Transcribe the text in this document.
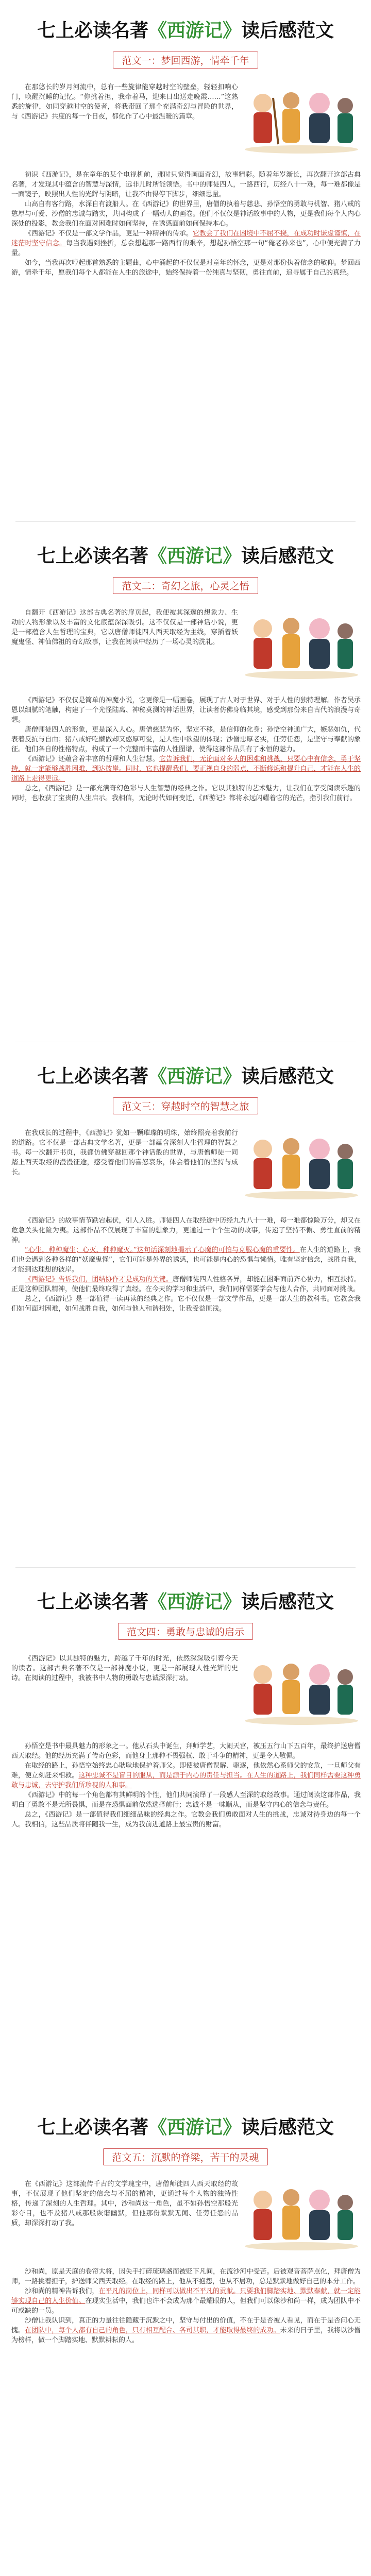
七上必读名著《西游记》读后感范文
范文一：梦回西游，情牵千年

在那悠长的岁月河流中，总有一些旋律能穿越时空的壁垒，轻轻扣响心门，唤醒沉睡的记忆。“你挑着担，我牵着马，迎来日出送走晚霞……”这熟悉的旋律，如同穿越时空的使者，将我带回了那个充满奇幻与冒险的世界，与《西游记》共度的每一个日夜，都化作了心中最温暖的篇章。

初识《西游记》，是在童年的某个电视机前，那时只觉得画面奇幻，故事精彩。随着年岁渐长，再次翻开这部古典名著，才发现其中蕴含的智慧与深情，远非儿时所能领悟。书中的师徒四人，一路西行，历经八十一难，每一难都像是一面镜子，映照出人性的光辉与阴暗，让我不由得停下脚步，细细思量。

山高自有客行路，水深自有渡船人。在《西游记》的世界里，唐僧的执着与慈悲、孙悟空的勇敢与机智、猪八戒的憨厚与可爱、沙僧的忠诚与踏实，共同构成了一幅动人的画卷。他们不仅仅是神话故事中的人物，更是我们每个人内心深处的投影，教会我们在面对困难时如何坚持，在诱惑面前如何保持本心。

《西游记》不仅是一部文学作品，更是一种精神的传承。它教会了我们在困境中不屈不挠，在成功时谦虚谨慎，在迷茫时坚守信念。每当我遇到挫折，总会想起那一路西行的艰辛，想起孙悟空那一句“俺老孙来也”，心中便充满了力量。

如今，当我再次哼起那首熟悉的主题曲，心中涌起的不仅仅是对童年的怀念，更是对那份执着信念的敬仰。梦回西游，情牵千年，愿我们每个人都能在人生的旅途中，始终保持着一份纯真与坚韧，勇往直前，追寻属于自己的真经。

七上必读名著《西游记》读后感范文
范文二：奇幻之旅，心灵之悟

自翻开《西游记》这部古典名著的扉页起，我便被其深邃的想象力、生动的人物形象以及丰富的文化底蕴深深吸引。这不仅仅是一部神话小说，更是一部蕴含人生哲理的宝典，它以唐僧师徒四人西天取经为主线，穿插着妖魔鬼怪、神仙佛祖的奇幻故事，让我在阅读中经历了一场心灵的洗礼。

《西游记》不仅仅是简单的神魔小说，它更像是一幅画卷，展现了古人对于世界、对于人性的独特理解。作者吴承恩以细腻的笔触，构建了一个光怪陆离、神秘莫测的神话世界，让读者仿佛身临其境，感受到那份来自古代的浪漫与奇想。

唐僧师徒四人的形象，更是深入人心。唐僧慈悲为怀，坚定不移，是信仰的化身；孙悟空神通广大，嫉恶如仇，代表着反抗与自由；猪八戒好吃懒做却又憨厚可爱，是人性中欲望的体现；沙僧忠厚老实，任劳任怨，是坚守与奉献的象征。他们各自的性格特点，构成了一个完整而丰富的人性图谱，使得这部作品具有了永恒的魅力。

《西游记》还蕴含着丰富的哲理和人生智慧。它告诉我们，无论面对多大的困难和挑战，只要心中有信念，勇于坚持，就一定能够战胜困难，到达彼岸。同时，它也提醒我们，要正视自身的弱点，不断修炼和提升自己，才能在人生的道路上走得更远。

总之，《西游记》是一部充满奇幻色彩与人生智慧的经典之作。它以其独特的艺术魅力，让我们在享受阅读乐趣的同时，也收获了宝贵的人生启示。我相信，无论时代如何变迁，《西游记》都将永远闪耀着它的光芒，指引我们前行。

七上必读名著《西游记》读后感范文
范文三：穿越时空的智慧之旅

在我成长的过程中，《西游记》犹如一颗璀璨的明珠，始终照亮着我前行的道路。它不仅是一部古典文学名著，更是一部蕴含深刻人生哲理的智慧之书。每一次翻开书页，我都仿佛穿越回那个神话般的世界，与唐僧师徒一同踏上西天取经的漫漫征途，感受着他们的喜怒哀乐，体会着他们的坚持与成长。

《西游记》的故事情节跌宕起伏，引人入胜。师徒四人在取经途中历经九九八十一难，每一难都惊险万分，却又在危急关头化险为夷。这部作品不仅展现了丰富的想象力，更通过一个个生动的故事，传递了坚持不懈、勇往直前的精神。

“心生，种种魔生；心灭，种种魔灭。”这句话深刻地揭示了心魔的可怕与克服心魔的重要性。在人生的道路上，我们也会遇到各种各样的“妖魔鬼怪”，它们可能是外界的诱惑，也可能是内心的恐惧与懒惰。唯有坚定信念，战胜自我，才能到达理想的彼岸。

《西游记》告诉我们，团结协作才是成功的关键。唐僧师徒四人性格各异，却能在困难面前齐心协力，相互扶持。正是这种团队精神，使他们最终取得了真经。在今天的学习和生活中，我们同样需要学会与他人合作，共同面对挑战。

总之，《西游记》是一部值得一读再读的经典之作。它不仅仅是一部文学作品，更是一部人生的教科书。它教会我们如何面对困难，如何战胜自我，如何与他人和谐相处，让我受益匪浅。

七上必读名著《西游记》读后感范文
范文四：勇敢与忠诚的启示

《西游记》以其独特的魅力，跨越了千年的时光，依然深深吸引着今天的读者。这部古典名著不仅是一部神魔小说，更是一部展现人性光辉的史诗。在阅读的过程中，我被书中人物的勇敢与忠诚深深打动。

孙悟空是书中最具魅力的形象之一。他从石头中诞生，拜师学艺，大闹天宫，被压五行山下五百年，最终护送唐僧西天取经。他的经历充满了传奇色彩，而他身上那种不畏强权、敢于斗争的精神，更是令人敬佩。

在取经的路上，孙悟空始终忠心耿耿地保护着师父。即使被唐僧误解、驱逐，他依然心系师父的安危，一旦师父有难，便立刻赶来相救。这种忠诚不是盲目的服从，而是源于内心的责任与担当。在人生的道路上，我们同样需要这种勇敢与忠诚，去守护我们所珍视的人和事。

《西游记》中的每一个角色都有其鲜明的个性，他们共同演绎了一段感人至深的取经故事。通过阅读这部作品，我明白了勇敢不是无所畏惧，而是在恐惧面前依然选择前行；忠诚不是一味顺从，而是坚守内心的信念与责任。

总之，《西游记》是一部值得我们细细品味的经典之作。它教会我们勇敢面对人生的挑战，忠诚对待身边的每一个人。我相信，这些品质将伴随我一生，成为我前进道路上最宝贵的财富。

七上必读名著《西游记》读后感范文
范文五：沉默的脊梁，苦干的灵魂

在《西游记》这部流传千古的文学瑰宝中，唐僧师徒四人西天取经的故事，不仅展现了他们坚定的信念与不屈的精神，更通过每个人物的独特性格，传递了深刻的人生哲理。其中，沙和尚这一角色，虽不如孙悟空那般光彩夺目，也不及猪八戒那般诙谐幽默，但他那份默默无闻、任劳任怨的品质，却深深打动了我。

沙和尚，原是天庭的卷帘大将，因失手打碎琉璃盏而被贬下凡间，在流沙河中受苦。后被观音菩萨点化，拜唐僧为师，一路挑着担子，护送师父西天取经。在取经的路上，他从不抱怨，也从不居功，总是默默地做好自己的本分工作。

沙和尚的精神告诉我们，在平凡的岗位上，同样可以做出不平凡的贡献。只要我们脚踏实地、默默奉献，就一定能够实现自己的人生价值。在现实生活中，我们也许不会成为那个最耀眼的人，但我们可以像沙和尚一样，成为团队中不可或缺的一员。

沙僧让我认识到，真正的力量往往隐藏于沉默之中，坚守与付出的价值，不在于是否被人看见，而在于是否问心无愧。在团队中，每个人都有自己的角色，只有相互配合、各司其职，才能取得最终的成功。未来的日子里，我将以沙僧为榜样，做一个脚踏实地、默默耕耘的人。
